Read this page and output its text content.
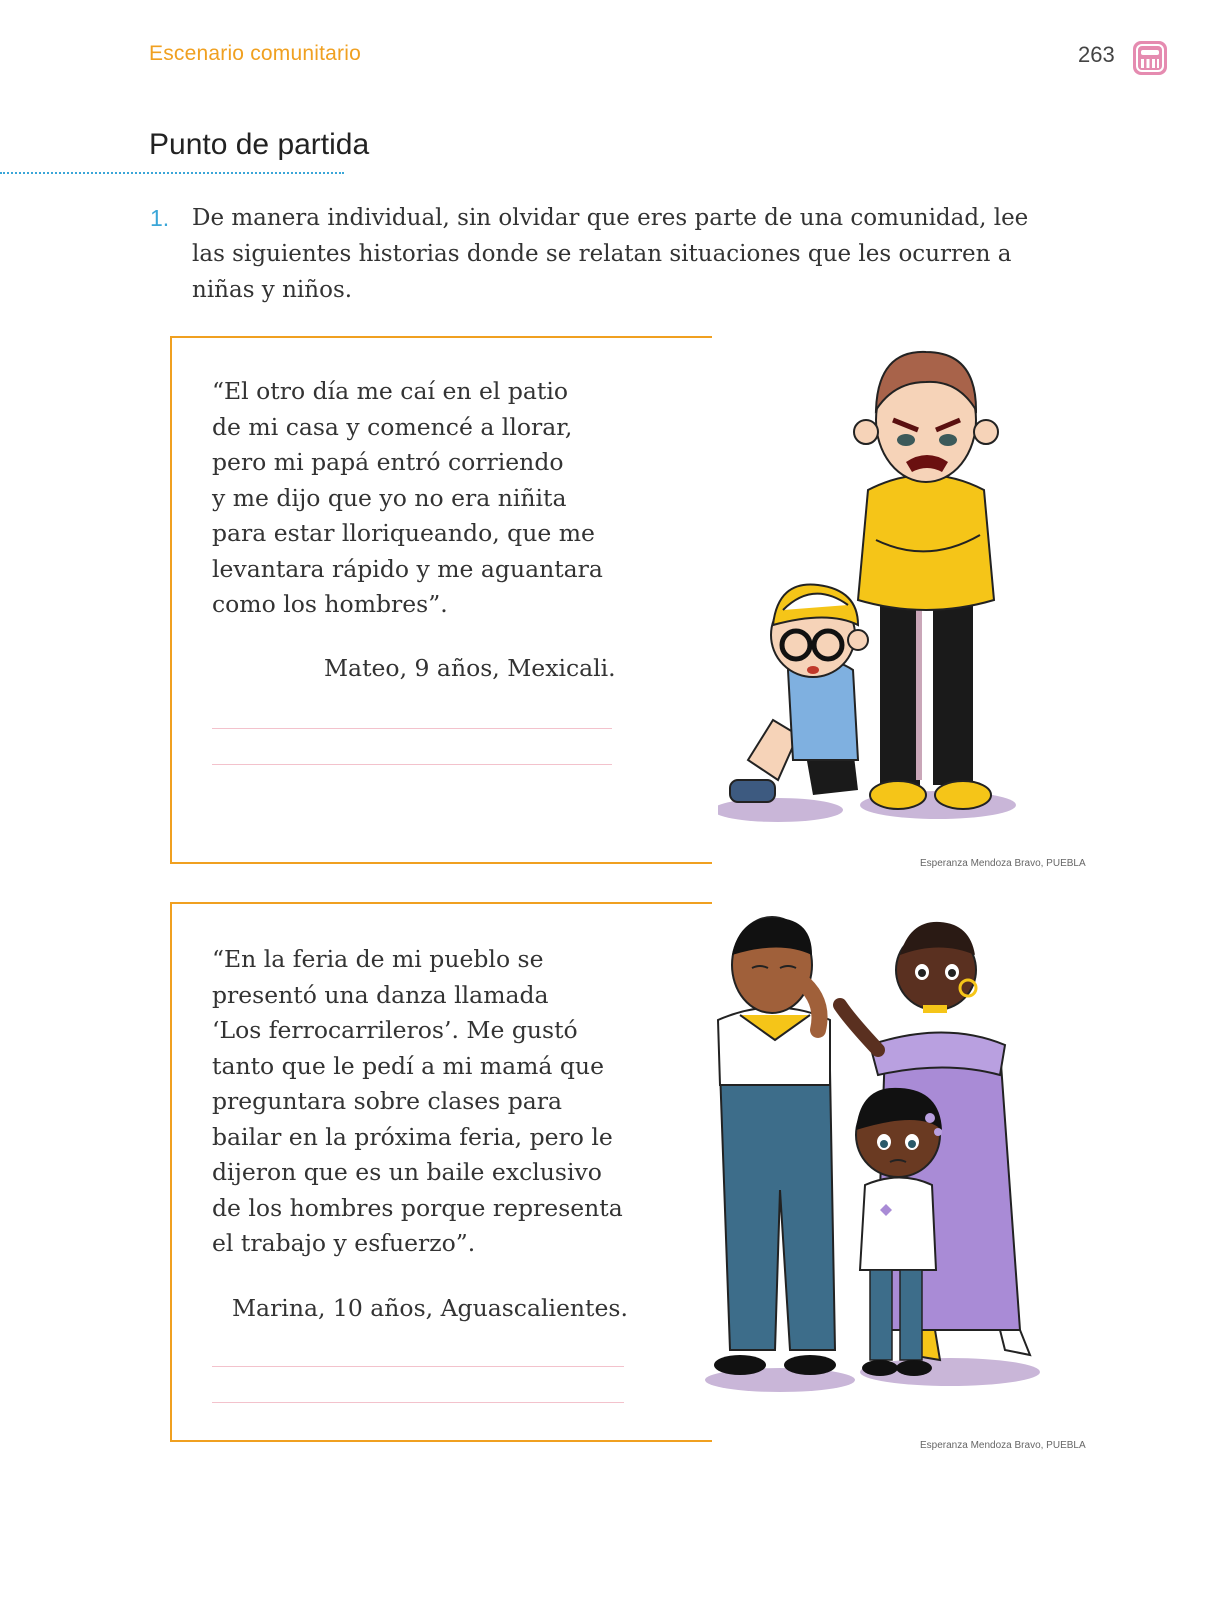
Escenario comunitario	263
Punto de partida
1. De manera individual, sin olvidar que eres parte de una comunidad, lee las siguientes historias donde se relatan situaciones que les ocurren a niñas y niños.
“El otro día me caí en el patio
de mi casa y comencé a llorar,
pero mi papá entró corriendo
y me dijo que yo no era niñita
para estar lloriqueando, que me
levantara rápido y me aguantara
como los hombres”.
Mateo, 9 años, Mexicali.
Esperanza Mendoza Bravo, PUEBLA
“En la feria de mi pueblo se
presentó una danza llamada
‘Los ferrocarrileros’. Me gustó
tanto que le pedí a mi mamá que
preguntara sobre clases para
bailar en la próxima feria, pero le
dijeron que es un baile exclusivo
de los hombres porque representa
el trabajo y esfuerzo”.
Marina, 10 años, Aguascalientes.
Esperanza Mendoza Bravo, PUEBLA
